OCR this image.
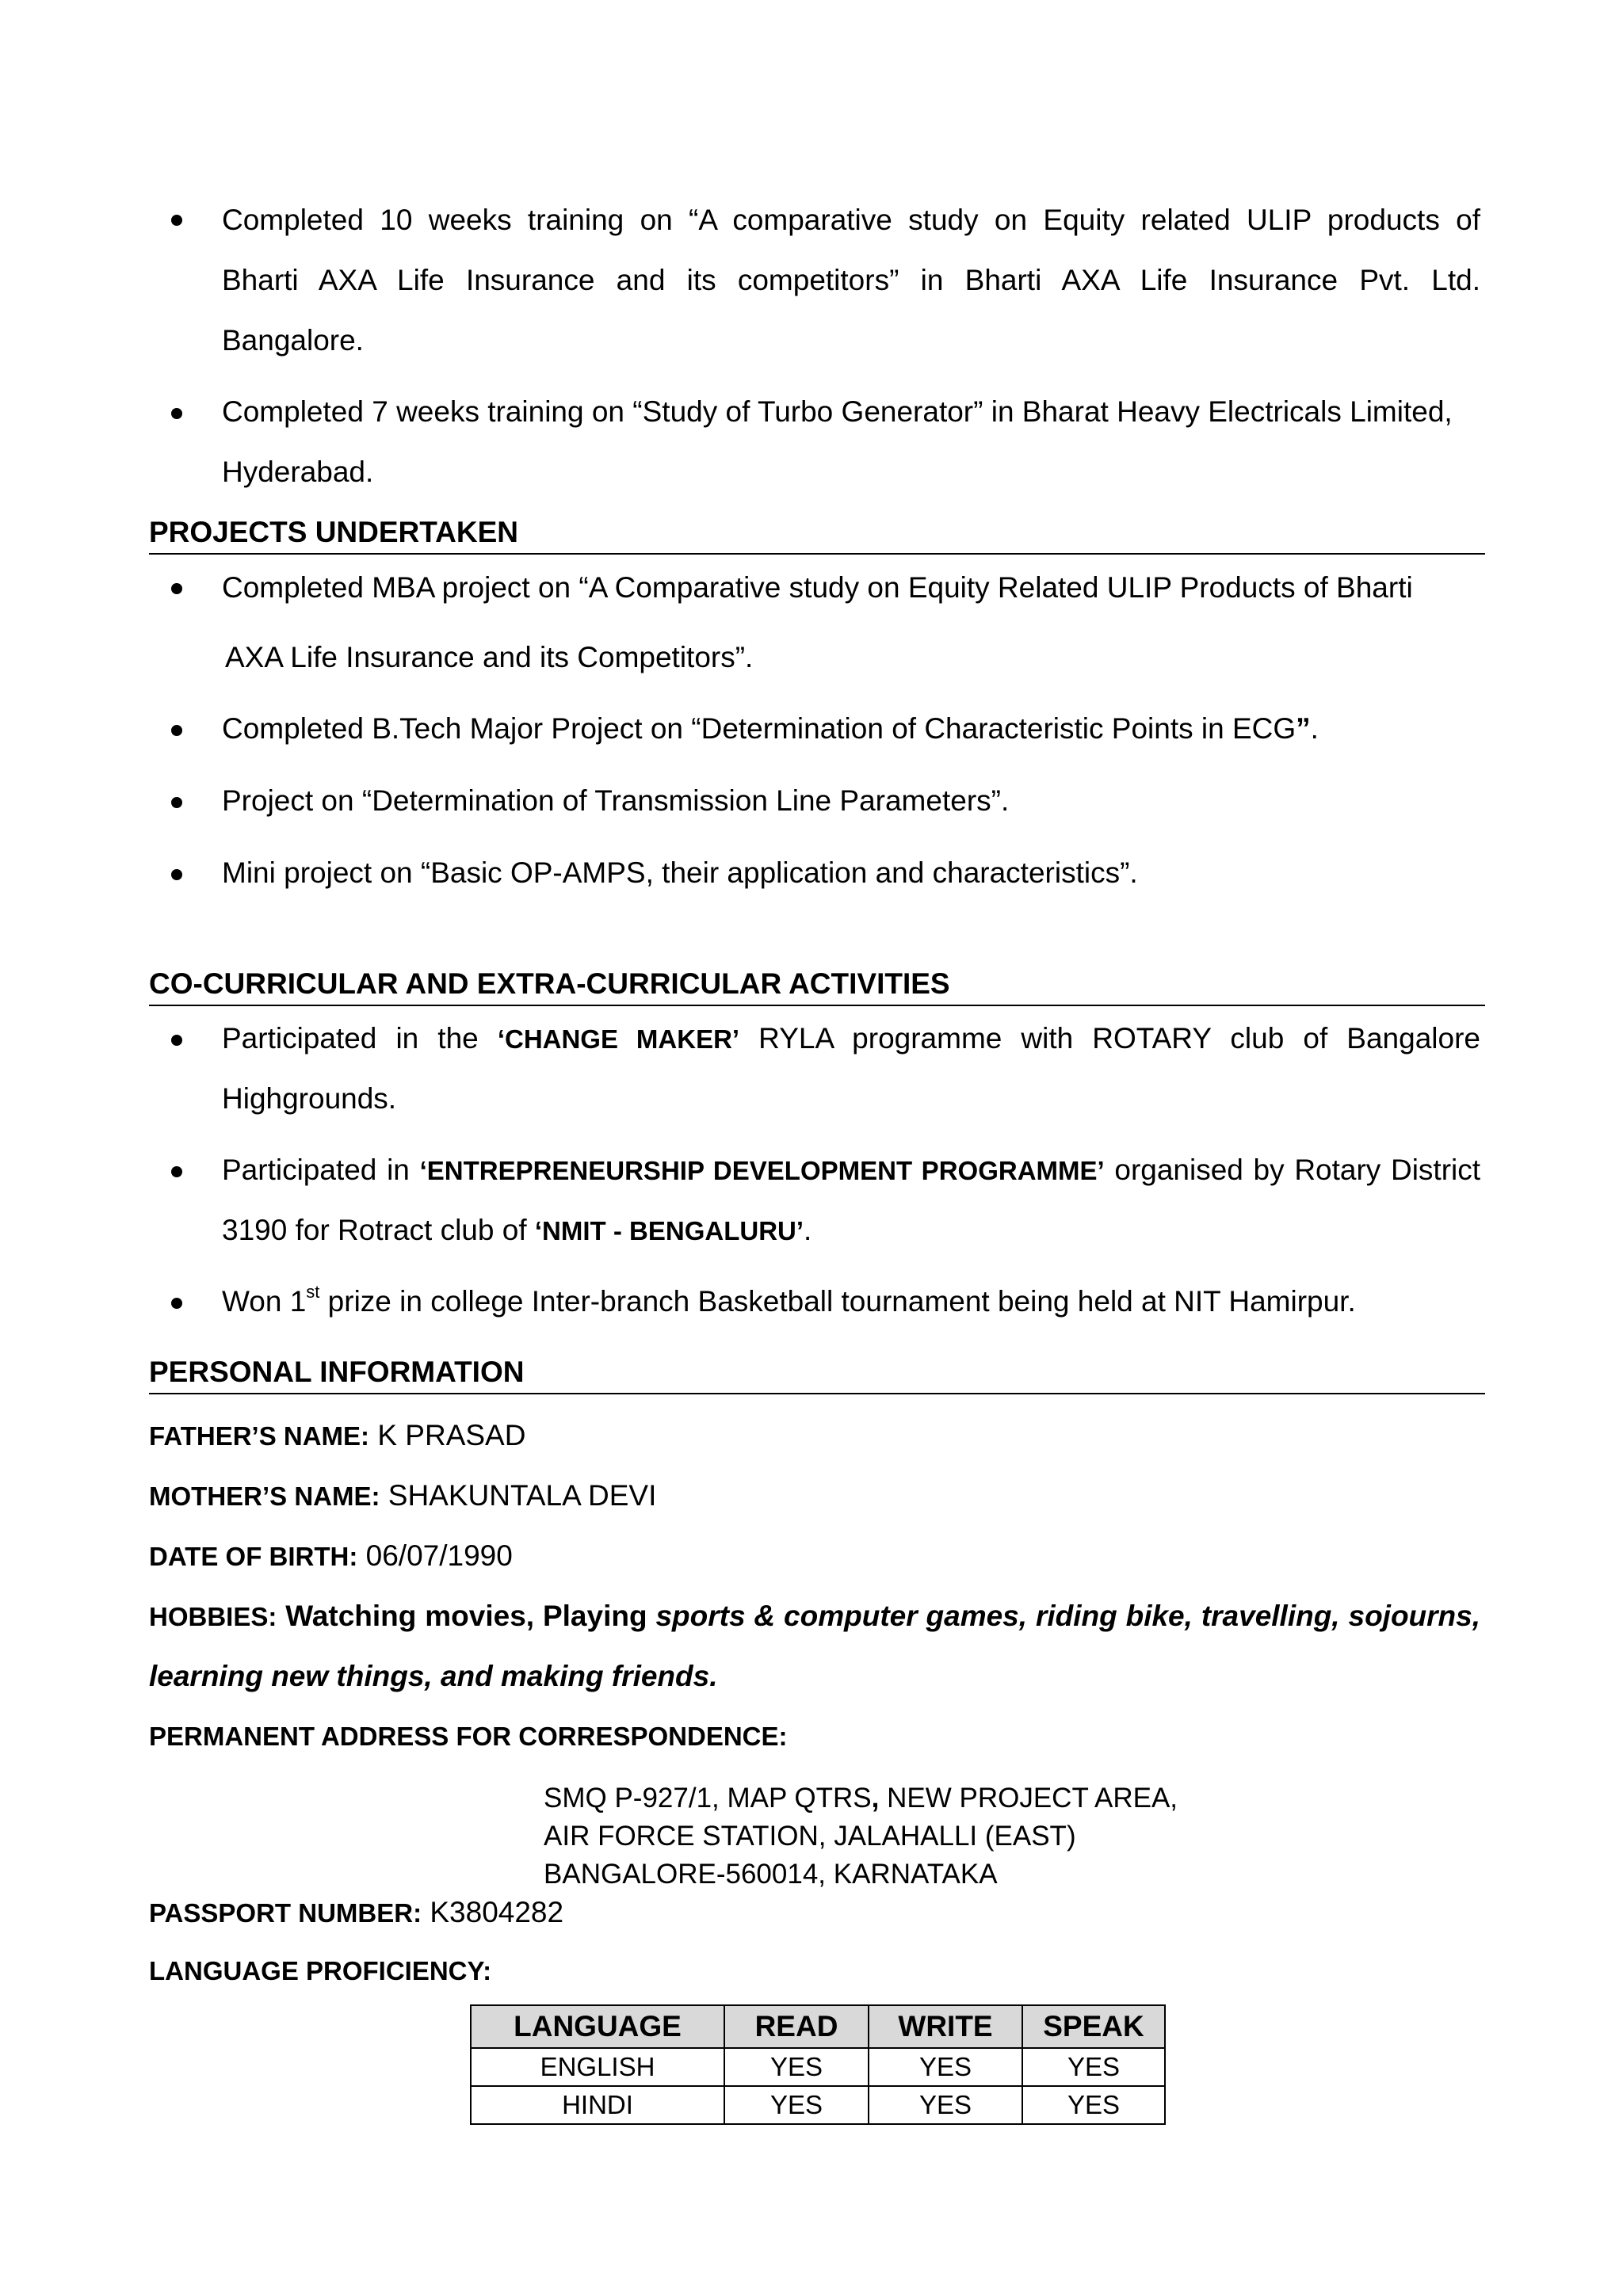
Completed 10 weeks training on “A comparative study on Equity related ULIP products of
Bharti AXA Life Insurance and its competitors” in Bharti AXA Life Insurance Pvt. Ltd.
Bangalore.
Completed 7 weeks training on “Study of Turbo Generator” in Bharat Heavy Electricals Limited,
Hyderabad.
PROJECTS UNDERTAKEN
Completed MBA project on “A Comparative study on Equity Related ULIP Products of Bharti
AXA Life Insurance and its Competitors”.
Completed B.Tech Major Project on “Determination of Characteristic Points in ECG”.
Project on “Determination of Transmission Line Parameters”.
Mini project on “Basic OP-AMPS, their application and characteristics”.
CO-CURRICULAR AND EXTRA-CURRICULAR ACTIVITIES
Participated in the ‘CHANGE MAKER’ RYLA programme with ROTARY club of Bangalore
Highgrounds.
Participated in ‘ENTREPRENEURSHIP DEVELOPMENT PROGRAMME’ organised by Rotary District
3190 for Rotract club of ‘NMIT - BENGALURU’.
Won 1st prize in college Inter-branch Basketball tournament being held at NIT Hamirpur.
PERSONAL INFORMATION
FATHER’S NAME: K PRASAD
MOTHER’S NAME: SHAKUNTALA DEVI
DATE OF BIRTH: 06/07/1990
HOBBIES: Watching movies, Playing sports & computer games, riding bike, travelling, sojourns,
learning new things, and making friends.
PERMANENT ADDRESS FOR CORRESPONDENCE:
SMQ P-927/1, MAP QTRS, NEW PROJECT AREA,
AIR FORCE STATION, JALAHALLI (EAST)
BANGALORE-560014, KARNATAKA
PASSPORT NUMBER: K3804282
LANGUAGE PROFICIENCY:
LANGUAGE	READ	WRITE	SPEAK
ENGLISH	YES	YES	YES
HINDI	YES	YES	YES
